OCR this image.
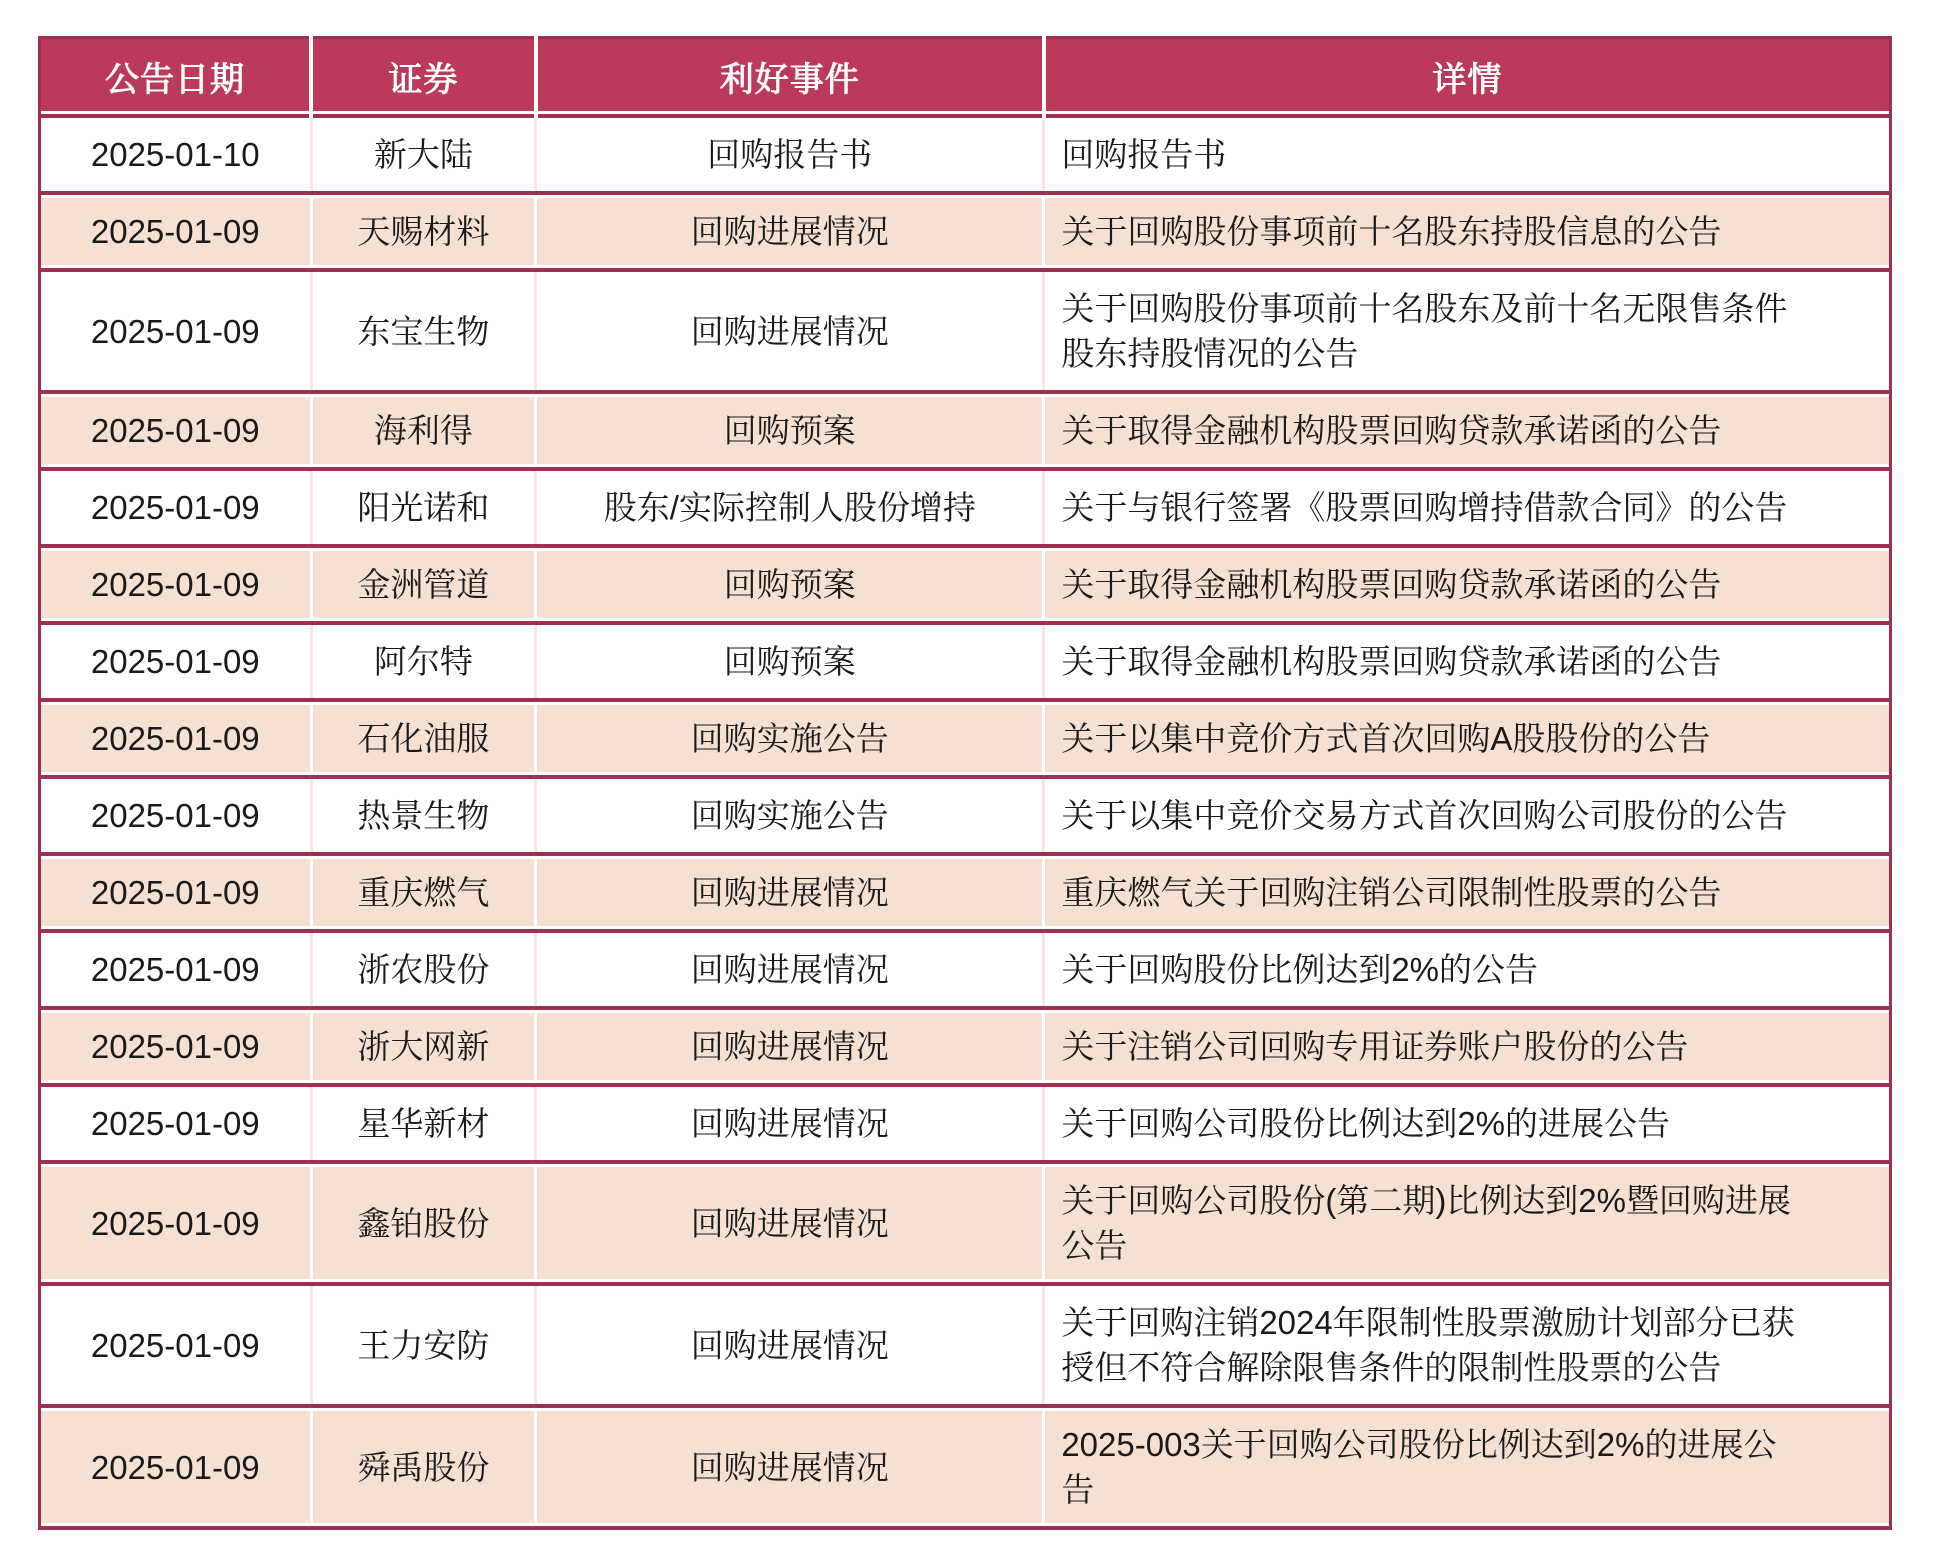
公告日期	证券	利好事件	详情
2025-01-10	新大陆	回购报告书	回购报告书
2025-01-09	天赐材料	回购进展情况	关于回购股份事项前十名股东持股信息的公告
2025-01-09	东宝生物	回购进展情况	关于回购股份事项前十名股东及前十名无限售条件股东持股情况的公告
2025-01-09	海利得	回购预案	关于取得金融机构股票回购贷款承诺函的公告
2025-01-09	阳光诺和	股东/实际控制人股份增持	关于与银行签署《股票回购增持借款合同》的公告
2025-01-09	金洲管道	回购预案	关于取得金融机构股票回购贷款承诺函的公告
2025-01-09	阿尔特	回购预案	关于取得金融机构股票回购贷款承诺函的公告
2025-01-09	石化油服	回购实施公告	关于以集中竞价方式首次回购A股股份的公告
2025-01-09	热景生物	回购实施公告	关于以集中竞价交易方式首次回购公司股份的公告
2025-01-09	重庆燃气	回购进展情况	重庆燃气关于回购注销公司限制性股票的公告
2025-01-09	浙农股份	回购进展情况	关于回购股份比例达到2%的公告
2025-01-09	浙大网新	回购进展情况	关于注销公司回购专用证券账户股份的公告
2025-01-09	星华新材	回购进展情况	关于回购公司股份比例达到2%的进展公告
2025-01-09	鑫铂股份	回购进展情况	关于回购公司股份(第二期)比例达到2%暨回购进展公告
2025-01-09	王力安防	回购进展情况	关于回购注销2024年限制性股票激励计划部分已获授但不符合解除限售条件的限制性股票的公告
2025-01-09	舜禹股份	回购进展情况	2025-003关于回购公司股份比例达到2%的进展公告
